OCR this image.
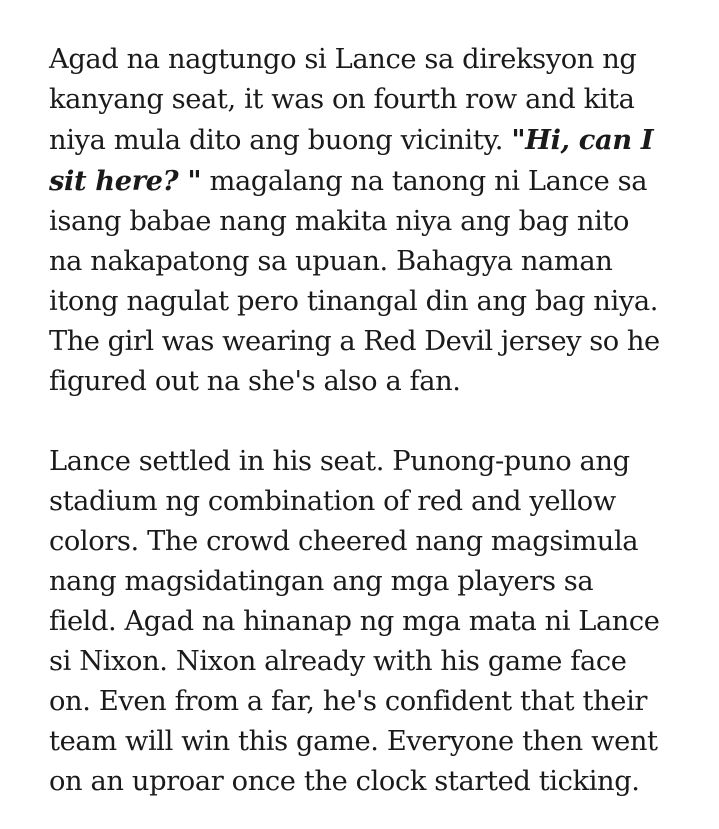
Agad na nagtungo si Lance sa direksyon ng
kanyang seat, it was on fourth row and kita
niya mula dito ang buong vicinity. "Hi, can I
sit here? " magalang na tanong ni Lance sa
isang babae nang makita niya ang bag nito
na nakapatong sa upuan. Bahagya naman
itong nagulat pero tinangal din ang bag niya.
The girl was wearing a Red Devil jersey so he
figured out na she's also a fan.

Lance settled in his seat. Punong-puno ang
stadium ng combination of red and yellow
colors. The crowd cheered nang magsimula
nang magsidatingan ang mga players sa
field. Agad na hinanap ng mga mata ni Lance
si Nixon. Nixon already with his game face
on. Even from a far, he's confident that their
team will win this game. Everyone then went
on an uproar once the clock started ticking.
